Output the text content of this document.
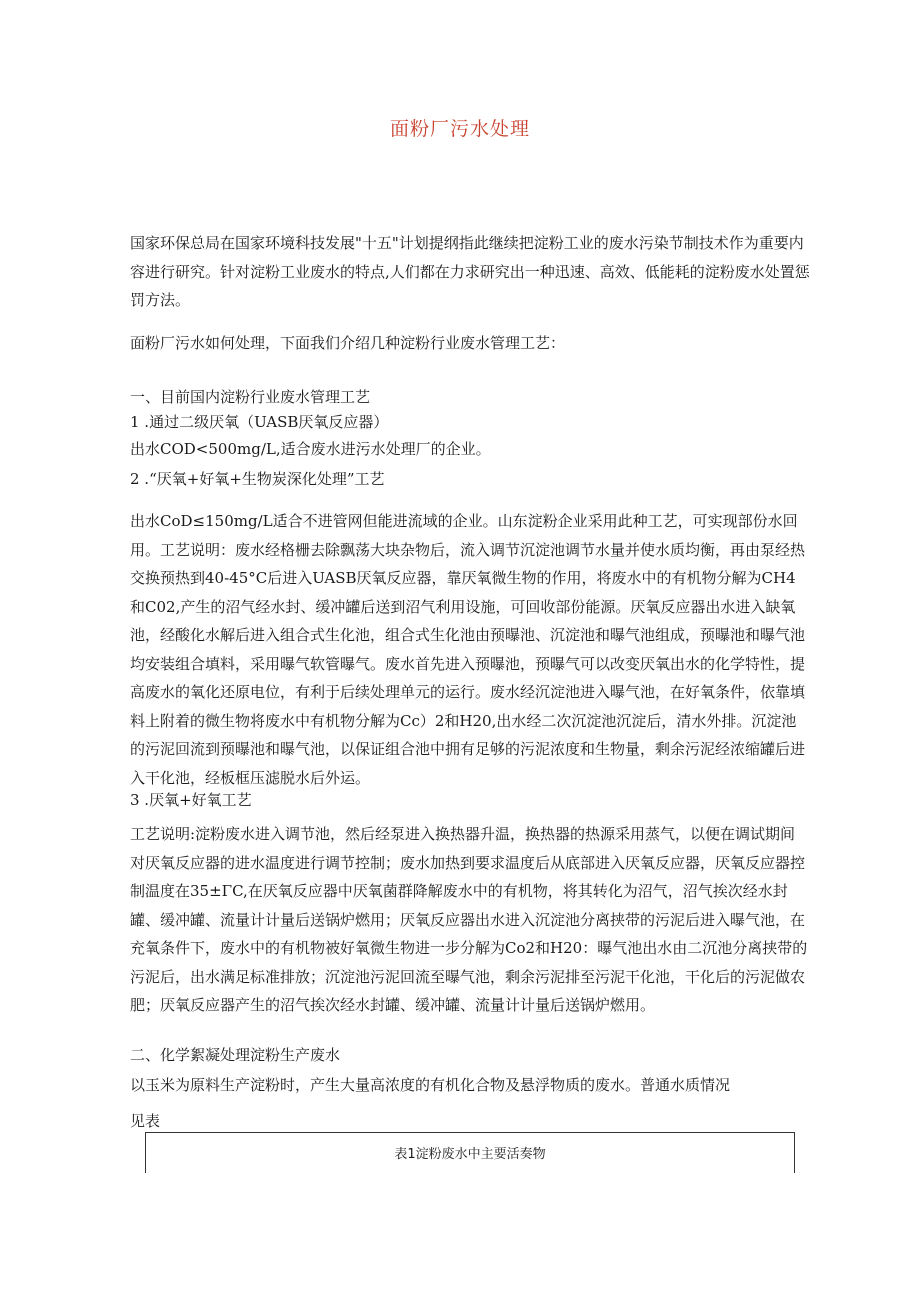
面粉厂污水处理

国家环保总局在国家环境科技发展"十五"计划提纲指此继续把淀粉工业的废水污染节制技术作为重要内容进行研究。针对淀粉工业废水的特点,人们都在力求研究出一种迅速、高效、低能耗的淀粉废水处置惩罚方法。

面粉厂污水如何处理，下面我们介绍几种淀粉行业废水管理工艺：

一、目前国内淀粉行业废水管理工艺

1 .通过二级厌氧（UASB厌氧反应器）

出水COD<500mg∕L,适合废水进污水处理厂的企业。

2 .“厌氧+好氧+生物炭深化处理”工艺

出水CoD≤150mg∕L适合不进管网但能进流域的企业。山东淀粉企业采用此种工艺，可实现部份水回用。工艺说明：废水经格栅去除飘荡大块杂物后，流入调节沉淀池调节水量并使水质均衡，再由泵经热交换预热到40-45°C后进入UASB厌氧反应器，靠厌氧微生物的作用，将废水中的有机物分解为CH4和C02,产生的沼气经水封、缓冲罐后送到沼气利用设施，可回收部份能源。厌氧反应器出水进入缺氧池，经酸化水解后进入组合式生化池，组合式生化池由预曝池、沉淀池和曝气池组成，预曝池和曝气池均安装组合填料，采用曝气软管曝气。废水首先进入预曝池，预曝气可以改变厌氧出水的化学特性，提高废水的氧化还原电位，有利于后续处理单元的运行。废水经沉淀池进入曝气池，在好氧条件，依靠填料上附着的微生物将废水中有机物分解为Cc）2和H20,出水经二次沉淀池沉淀后，清水外排。沉淀池的污泥回流到预曝池和曝气池，以保证组合池中拥有足够的污泥浓度和生物量，剩余污泥经浓缩罐后进入干化池，经板框压滤脱水后外运。

3 .厌氧+好氧工艺

工艺说明:淀粉废水进入调节池，然后经泵进入换热器升温，换热器的热源采用蒸气，以便在调试期间对厌氧反应器的进水温度进行调节控制；废水加热到要求温度后从底部进入厌氧反应器，厌氧反应器控制温度在35±ΓC,在厌氧反应器中厌氧菌群降解废水中的有机物，将其转化为沼气，沼气挨次经水封罐、缓冲罐、流量计计量后送锅炉燃用；厌氧反应器出水进入沉淀池分离挟带的污泥后进入曝气池，在充氧条件下，废水中的有机物被好氧微生物进一步分解为Co2和H20：曝气池出水由二沉池分离挟带的污泥后，出水满足标准排放；沉淀池污泥回流至曝气池，剩余污泥排至污泥干化池，干化后的污泥做农肥；厌氧反应器产生的沼气挨次经水封罐、缓冲罐、流量计计量后送锅炉燃用。

二、化学絮凝处理淀粉生产废水

以玉米为原料生产淀粉时，产生大量高浓度的有机化合物及悬浮物质的废水。普通水质情况

见表

表1淀粉废水中主要活奏物
